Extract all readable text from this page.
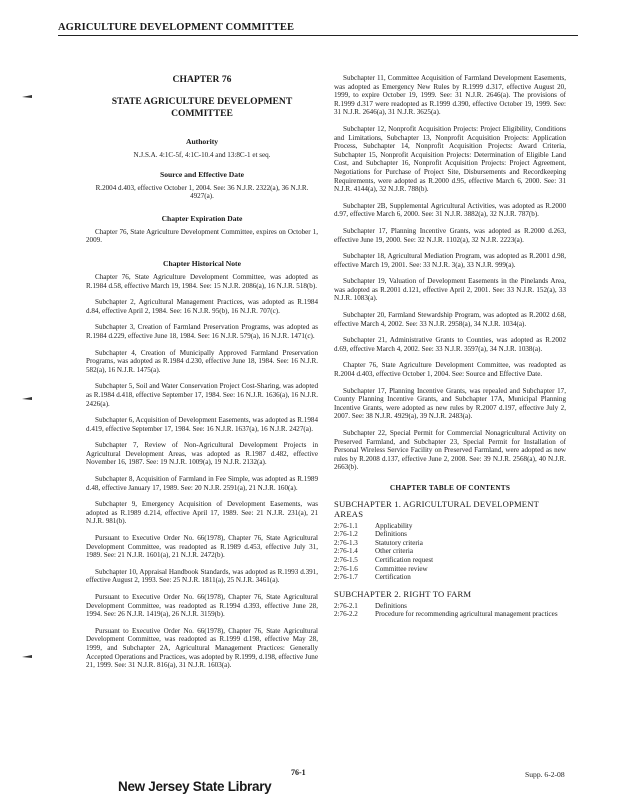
AGRICULTURE DEVELOPMENT COMMITTEE
CHAPTER 76
STATE AGRICULTURE DEVELOPMENT COMMITTEE
Authority

N.J.S.A. 4:1C-5f, 4:1C-10.4 and 13:8C-1 et seq.

Source and Effective Date

R.2004 d.403, effective October 1, 2004. See: 36 N.J.R. 2322(a), 36 N.J.R. 4927(a).

Chapter Expiration Date

Chapter 76, State Agriculture Development Committee, expires on October 1, 2009.

Chapter Historical Note

Chapter 76, State Agriculture Development Committee, was adopted as R.1984 d.58, effective March 19, 1984. See: 15 N.J.R. 2086(a), 16 N.J.R. 518(b).

Subchapter 2, Agricultural Management Practices, was adopted as R.1984 d.84, effective April 2, 1984. See: 16 N.J.R. 95(b), 16 N.J.R. 707(c).

Subchapter 3, Creation of Farmland Preservation Programs, was adopted as R.1984 d.229, effective June 18, 1984. See: 16 N.J.R. 579(a), 16 N.J.R. 1471(c).

Subchapter 4, Creation of Municipally Approved Farmland Preservation Programs, was adopted as R.1984 d.230, effective June 18, 1984. See: 16 N.J.R. 582(a), 16 N.J.R. 1475(a).

Subchapter 5, Soil and Water Conservation Project Cost-Sharing, was adopted as R.1984 d.418, effective September 17, 1984. See: 16 N.J.R. 1636(a), 16 N.J.R. 2426(a).

Subchapter 6, Acquisition of Development Easements, was adopted as R.1984 d.419, effective September 17, 1984. See: 16 N.J.R. 1637(a), 16 N.J.R. 2427(a).

Subchapter 7, Review of Non-Agricultural Development Projects in Agricultural Development Areas, was adopted as R.1987 d.482, effective November 16, 1987. See: 19 N.J.R. 1009(a), 19 N.J.R. 2132(a).

Subchapter 8, Acquisition of Farmland in Fee Simple, was adopted as R.1989 d.48, effective January 17, 1989. See: 20 N.J.R. 2591(a), 21 N.J.R. 160(a).

Subchapter 9, Emergency Acquisition of Development Easements, was adopted as R.1989 d.214, effective April 17, 1989. See: 21 N.J.R. 231(a), 21 N.J.R. 981(b).

Pursuant to Executive Order No. 66(1978), Chapter 76, State Agricultural Development Committee, was readopted as R.1989 d.453, effective July 31, 1989. See: 21 N.J.R. 1601(a), 21 N.J.R. 2472(b).

Subchapter 10, Appraisal Handbook Standards, was adopted as R.1993 d.391, effective August 2, 1993. See: 25 N.J.R. 1811(a), 25 N.J.R. 3461(a).

Pursuant to Executive Order No. 66(1978), Chapter 76, State Agricultural Development Committee, was readopted as R.1994 d.393, effective June 28, 1994. See: 26 N.J.R. 1419(a), 26 N.J.R. 3159(b).

Pursuant to Executive Order No. 66(1978), Chapter 76, State Agricultural Development Committee, was readopted as R.1999 d.198, effective May 28, 1999, and Subchapter 2A, Agricultural Management Practices: Generally Accepted Operations and Practices, was adopted by R.1999, d.198, effective June 21, 1999. See: 31 N.J.R. 816(a), 31 N.J.R. 1603(a).

Subchapter 11, Committee Acquisition of Farmland Development Easements, was adopted as Emergency New Rules by R.1999 d.317, effective August 20, 1999, to expire October 19, 1999. See: 31 N.J.R. 2646(a). The provisions of R.1999 d.317 were readopted as R.1999 d.390, effective October 19, 1999. See: 31 N.J.R. 2646(a), 31 N.J.R. 3625(a).

Subchapter 12, Nonprofit Acquisition Projects: Project Eligibility, Conditions and Limitations, Subchapter 13, Nonprofit Acquisition Projects: Application Process, Subchapter 14, Nonprofit Acquisition Projects: Award Criteria, Subchapter 15, Nonprofit Acquisition Projects: Determination of Eligible Land Cost, and Subchapter 16, Nonprofit Acquisition Projects: Project Agreement, Negotiations for Purchase of Project Site, Disbursements and Recordkeeping Requirements, were adopted as R.2000 d.95, effective March 6, 2000. See: 31 N.J.R. 4144(a), 32 N.J.R. 788(b).

Subchapter 2B, Supplemental Agricultural Activities, was adopted as R.2000 d.97, effective March 6, 2000. See: 31 N.J.R. 3882(a), 32 N.J.R. 787(b).

Subchapter 17, Planning Incentive Grants, was adopted as R.2000 d.263, effective June 19, 2000. See: 32 N.J.R. 1102(a), 32 N.J.R. 2223(a).

Subchapter 18, Agricultural Mediation Program, was adopted as R.2001 d.98, effective March 19, 2001. See: 33 N.J.R. 3(a), 33 N.J.R. 999(a).

Subchapter 19, Valuation of Development Easements in the Pinelands Area, was adopted as R.2001 d.121, effective April 2, 2001. See: 33 N.J.R. 152(a), 33 N.J.R. 1083(a).

Subchapter 20, Farmland Stewardship Program, was adopted as R.2002 d.68, effective March 4, 2002. See: 33 N.J.R. 2958(a), 34 N.J.R. 1034(a).

Subchapter 21, Administrative Grants to Counties, was adopted as R.2002 d.69, effective March 4, 2002. See: 33 N.J.R. 3597(a), 34 N.J.R. 1038(a).

Chapter 76, State Agriculture Development Committee, was readopted as R.2004 d.403, effective October 1, 2004. See: Source and Effective Date.

Subchapter 17, Planning Incentive Grants, was repealed and Subchapter 17, County Planning Incentive Grants, and Subchapter 17A, Municipal Planning Incentive Grants, were adopted as new rules by R.2007 d.197, effective July 2, 2007. See: 38 N.J.R. 4929(a), 39 N.J.R. 2483(a).

Subchapter 22, Special Permit for Commercial Nonagricultural Activity on Preserved Farmland, and Subchapter 23, Special Permit for Installation of Personal Wireless Service Facility on Preserved Farmland, were adopted as new rules by R.2008 d.137, effective June 2, 2008. See: 39 N.J.R. 2568(a), 40 N.J.R. 2663(b).

CHAPTER TABLE OF CONTENTS
SUBCHAPTER 1. AGRICULTURAL DEVELOPMENT AREAS
2:76-1.1	Applicability
2:76-1.2	Definitions
2:76-1.3	Statutory criteria
2:76-1.4	Other criteria
2:76-1.5	Certification request
2:76-1.6	Committee review
2:76-1.7	Certification
SUBCHAPTER 2. RIGHT TO FARM
2:76-2.1	Definitions
2:76-2.2	Procedure for recommending agricultural management practices
76-1	Supp. 6-2-08
New Jersey State Library
